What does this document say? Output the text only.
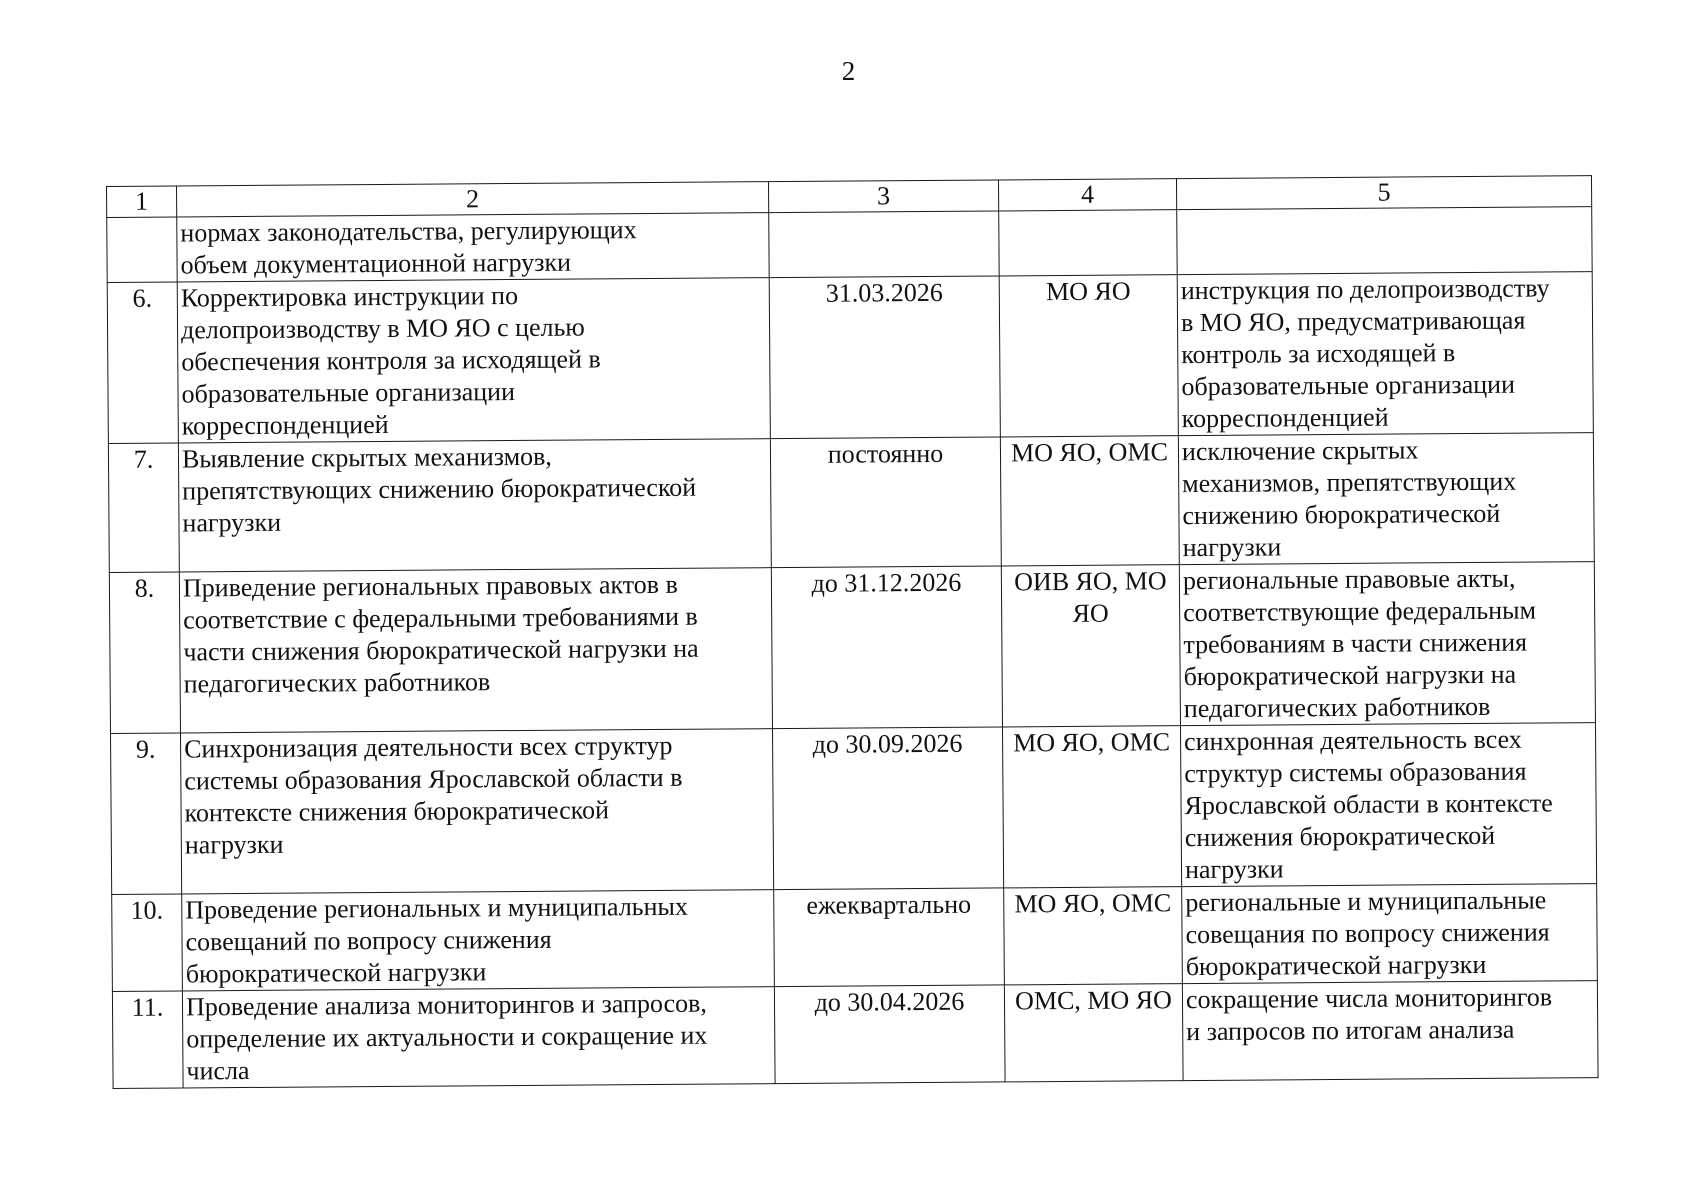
2
1	2	3	4	5

	нормах законодательства, регулирующих
объем документационной нагрузки			

6.	Корректировка инструкции по
делопроизводству в МО ЯО с целью
обеспечения контроля за исходящей в
образовательные организации
корреспонденцией	31.03.2026	МО ЯО	инструкция по делопроизводству
в МО ЯО, предусматривающая
контроль за исходящей в
образовательные организации
корреспонденцией

7.	Выявление скрытых механизмов,
препятствующих снижению бюрократической
нагрузки	постоянно	МО ЯО, ОМС	исключение скрытых
механизмов, препятствующих
снижению бюрократической
нагрузки

8.	Приведение региональных правовых актов в
соответствие с федеральными требованиями в
части снижения бюрократической нагрузки на
педагогических работников	до 31.12.2026	ОИВ ЯО, МО
ЯО	региональные правовые акты,
соответствующие федеральным
требованиям в части снижения
бюрократической нагрузки на
педагогических работников

9.	Синхронизация деятельности всех структур
системы образования Ярославской области в
контексте снижения бюрократической
нагрузки	до 30.09.2026	МО ЯО, ОМС	синхронная деятельность всех
структур системы образования
Ярославской области в контексте
снижения бюрократической
нагрузки

10.	Проведение региональных и муниципальных
совещаний по вопросу снижения
бюрократической нагрузки	ежеквартально	МО ЯО, ОМС	региональные и муниципальные
совещания по вопросу снижения
бюрократической нагрузки

11.	Проведение анализа мониторингов и запросов,
определение их актуальности и сокращение их
числа	до 30.04.2026	ОМС, МО ЯО	сокращение числа мониторингов
и запросов по итогам анализа
